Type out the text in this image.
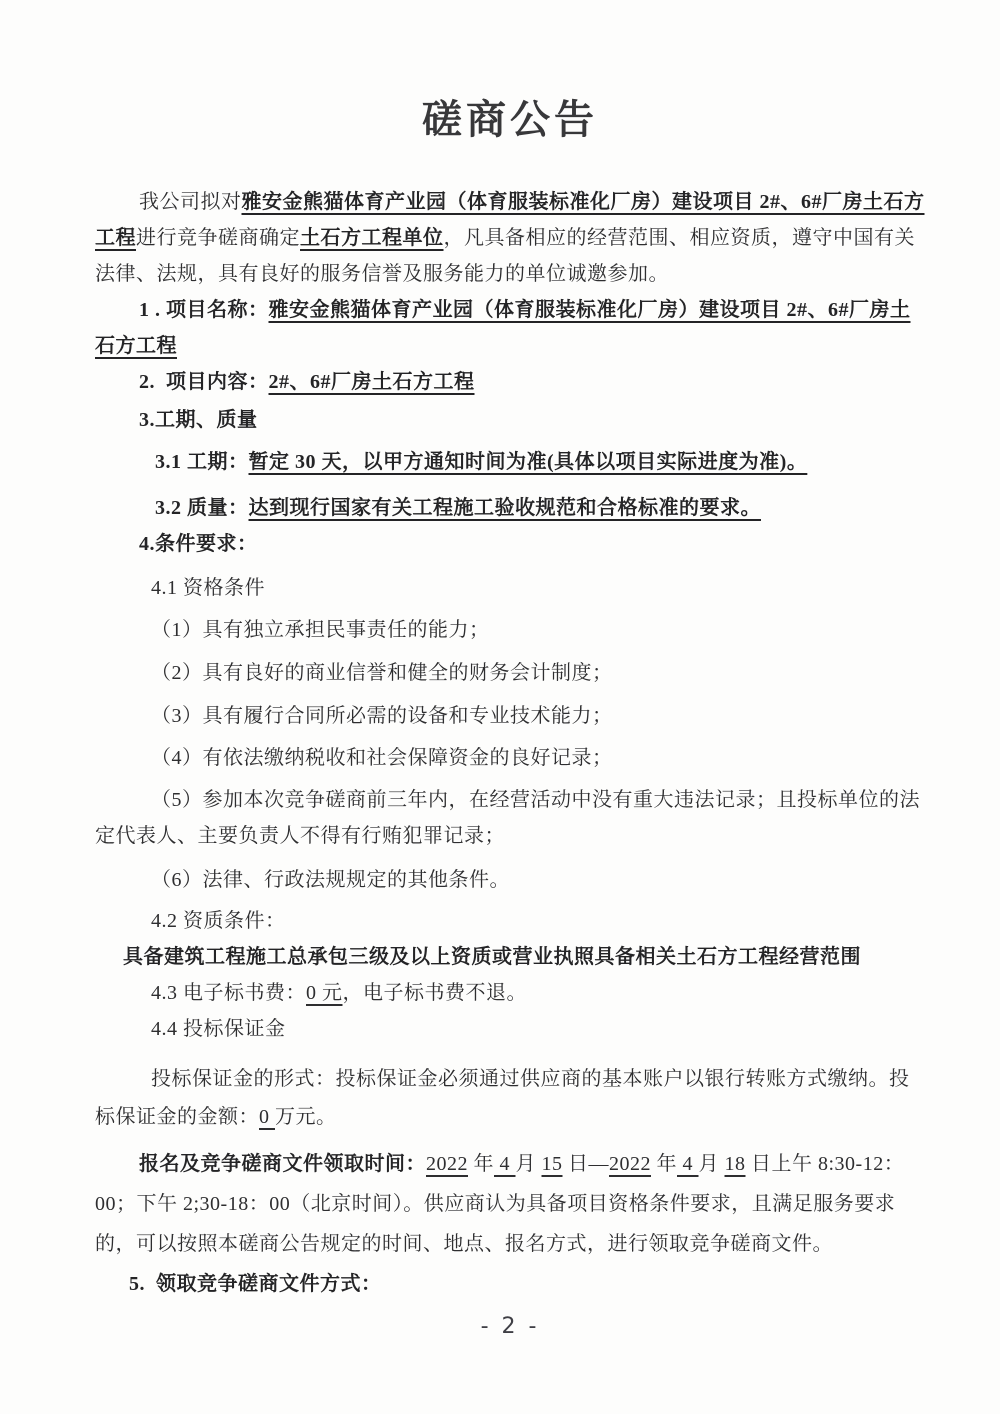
磋商公告

我公司拟对雅安金熊猫体育产业园（体育服装标准化厂房）建设项目 2#、6#厂房土石方工程进行竞争磋商确定土石方工程单位，凡具备相应的经营范围、相应资质，遵守中国有关法律、法规，具有良好的服务信誉及服务能力的单位诚邀参加。

1 . 项目名称：雅安金熊猫体育产业园（体育服装标准化厂房）建设项目 2#、6#厂房土石方工程

2.  项目内容：2#、6#厂房土石方工程

3.工期、质量

3.1 工期：暂定 30 天，以甲方通知时间为准(具体以项目实际进度为准)。

3.2 质量：达到现行国家有关工程施工验收规范和合格标准的要求。

4.条件要求：

4.1 资格条件

（1）具有独立承担民事责任的能力；

（2）具有良好的商业信誉和健全的财务会计制度；

（3）具有履行合同所必需的设备和专业技术能力；

（4）有依法缴纳税收和社会保障资金的良好记录；

（5）参加本次竞争磋商前三年内，在经营活动中没有重大违法记录；且投标单位的法定代表人、主要负责人不得有行贿犯罪记录；

（6）法律、行政法规规定的其他条件。

4.2 资质条件：

具备建筑工程施工总承包三级及以上资质或营业执照具备相关土石方工程经营范围

4.3 电子标书费：0 元，电子标书费不退。

4.4 投标保证金

投标保证金的形式：投标保证金必须通过供应商的基本账户以银行转账方式缴纳。投标保证金的金额：0 万元。

报名及竞争磋商文件领取时间：2022 年 4 月 15 日—2022 年 4 月 18 日上午 8:30-12：00；下午 2;30-18：00（北京时间）。供应商认为具备项目资格条件要求，且满足服务要求的，可以按照本磋商公告规定的时间、地点、报名方式，进行领取竞争磋商文件。

5.  领取竞争磋商文件方式：

- 2 -
